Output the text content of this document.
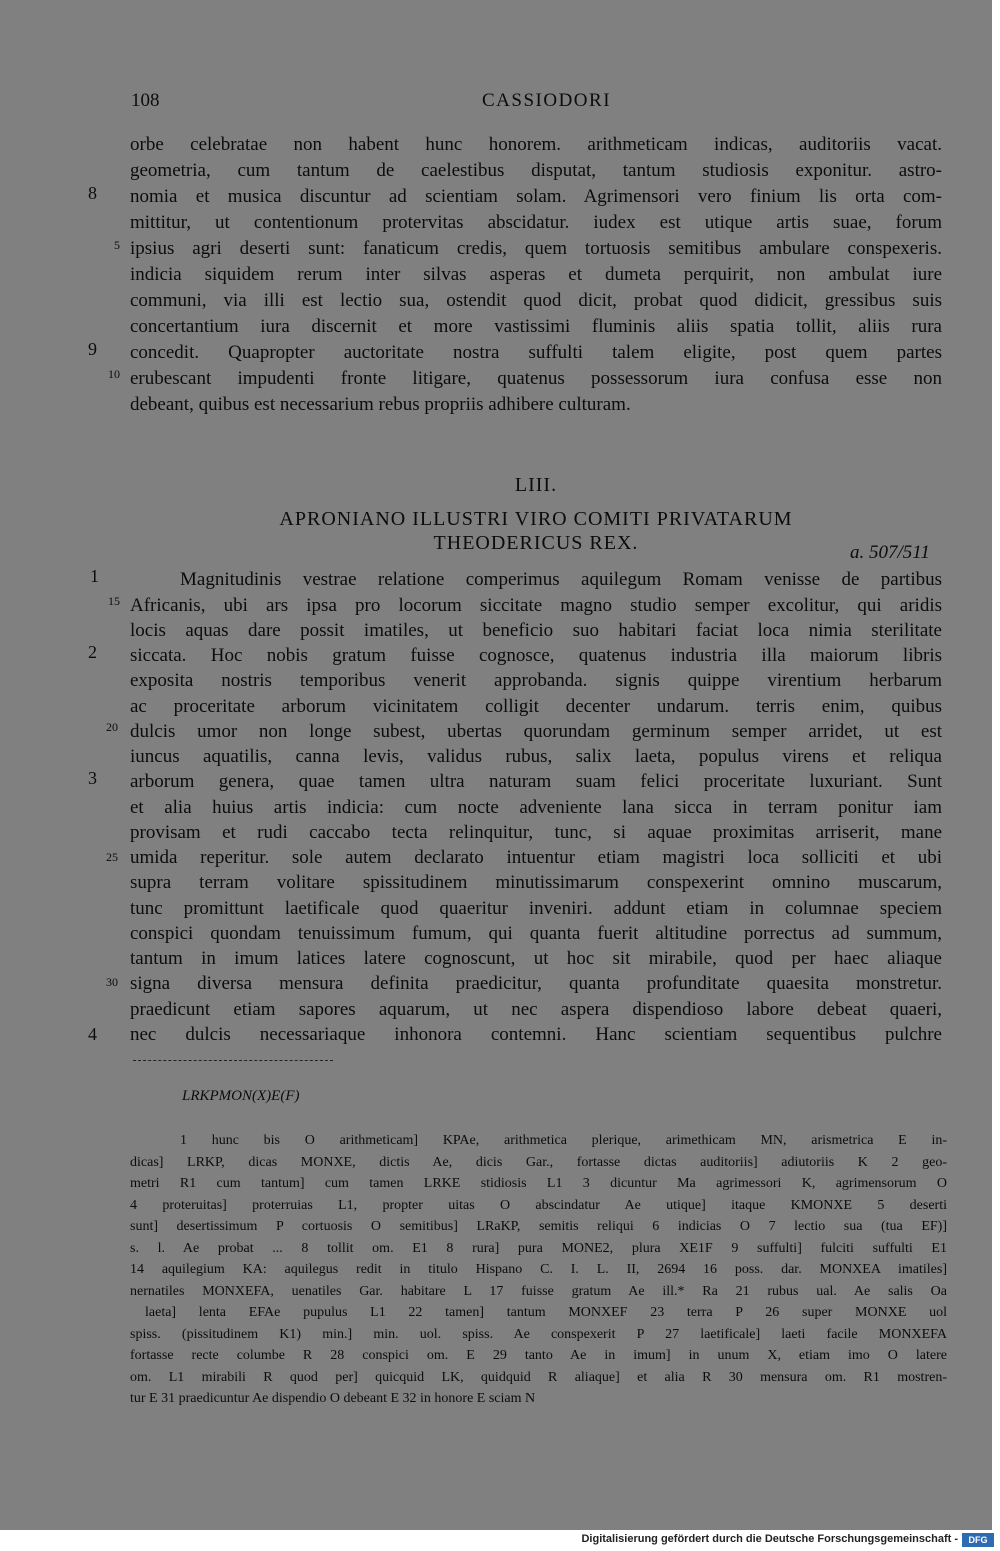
108	CASSIODORI

8

5

9

10

orbe celebratae non habent hunc honorem. arithmeticam indicas, auditoriis vacat.

geometria, cum tantum de caelestibus disputat, tantum studiosis exponitur. astro-

nomia et musica discuntur ad scientiam solam. Agrimensori vero finium lis orta com-

mittitur, ut contentionum protervitas abscidatur. iudex est utique artis suae, forum

ipsius agri deserti sunt: fanaticum credis, quem tortuosis semitibus ambulare conspexeris.

indicia siquidem rerum inter silvas asperas et dumeta perquirit, non ambulat iure

communi, via illi est lectio sua, ostendit quod dicit, probat quod didicit, gressibus suis

concertantium iura discernit et more vastissimi fluminis aliis spatia tollit, aliis rura

concedit. Quapropter auctoritate nostra suffulti talem eligite, post quem partes

erubescant impudenti fronte litigare, quatenus possessorum iura confusa esse non

debeant, quibus est necessarium rebus propriis adhibere culturam.

LIII.

APRONIANO ILLUSTRI VIRO COMITI PRIVATARUM

THEODERICUS REX.	a. 507/511

1

15

2

20

3

25

30

4

Magnitudinis vestrae relatione comperimus aquilegum Romam venisse de partibus

Africanis, ubi ars ipsa pro locorum siccitate magno studio semper excolitur, qui aridis

locis aquas dare possit imatiles, ut beneficio suo habitari faciat loca nimia sterilitate

siccata. Hoc nobis gratum fuisse cognosce, quatenus industria illa maiorum libris

exposita nostris temporibus venerit approbanda. signis quippe virentium herbarum

ac proceritate arborum vicinitatem colligit decenter undarum. terris enim, quibus

dulcis umor non longe subest, ubertas quorundam germinum semper arridet, ut est

iuncus aquatilis, canna levis, validus rubus, salix laeta, populus virens et reliqua

arborum genera, quae tamen ultra naturam suam felici proceritate luxuriant. Sunt

et alia huius artis indicia: cum nocte adveniente lana sicca in terram ponitur iam

provisam et rudi caccabo tecta relinquitur, tunc, si aquae proximitas arriserit, mane

umida reperitur. sole autem declarato intuentur etiam magistri loca solliciti et ubi

supra terram volitare spissitudinem minutissimarum conspexerint omnino muscarum,

tunc promittunt laetificale quod quaeritur inveniri. addunt etiam in columnae speciem

conspici quondam tenuissimum fumum, qui quanta fuerit altitudine porrectus ad summum,

tantum in imum latices latere cognoscunt, ut hoc sit mirabile, quod per haec aliaque

signa diversa mensura definita praedicitur, quanta profunditate quaesita monstretur.

praedicunt etiam sapores aquarum, ut nec aspera dispendioso labore debeat quaeri,

nec dulcis necessariaque inhonora contemni. Hanc scientiam sequentibus pulchre

LRKPMON(X)E(F)

1 hunc bis O arithmeticam] KPAe, arithmetica plerique, arimethicam MN, arismetrica E in-

dicas] LRKP, dicas MONXE, dictis Ae, dicis Gar., fortasse dictas auditoriis] adiutoriis K 2 geo-

metri R1 cum tantum] cum tamen LRKE stidiosis L1 3 dicuntur Ma agrimessori K, agrimensorum O

4 proteruitas] proterruias L1, propter uitas O abscindatur Ae utique] itaque KMONXE 5 deserti

sunt] desertissimum P cortuosis O semitibus] LRaKP, semitis reliqui 6 indicias O 7 lectio sua (tua EF)]

s. l. Ae probat ... 8 tollit om. E1 8 rura] pura MONE2, plura XE1F 9 suffulti] fulciti suffulti E1

14 aquilegium KA: aquilegus redit in titulo Hispano C. I. L. II, 2694 16 poss. dar. MONXEA imatiles]

nernatiles MONXEFA, uenatiles Gar. habitare L 17 fuisse gratum Ae ill.* Ra 21 rubus ual. Ae salis Oa

laeta] lenta EFAe pupulus L1 22 tamen] tantum MONXEF 23 terra P 26 super MONXE uol

spiss. (pissitudinem K1) min.] min. uol. spiss. Ae conspexerit P 27 laetificale] laeti facile MONXEFA

fortasse recte columbe R 28 conspici om. E 29 tanto Ae in imum] in unum X, etiam imo O latere

om. L1 mirabili R quod per] quicquid LK, quidquid R aliaque] et alia R 30 mensura om. R1 mostren-

tur E 31 praedicuntur Ae dispendio O debeant E 32 in honore E sciam N

Digitalisierung gefördert durch die Deutsche Forschungsgemeinschaft -	DFG
